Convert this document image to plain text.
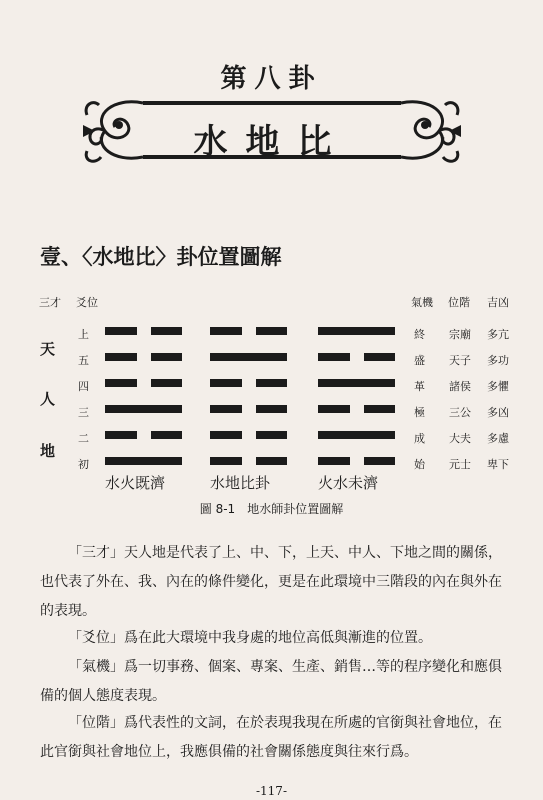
第八卦
水地比
壹、〈水地比〉卦位置圖解
三才 爻位	氣機 位階 吉凶
天
人
地
上
五
四
三
二
初
水火既濟	水地比卦	火水未濟
終 宗廟 多亢
盛 天子 多功
革 諸侯 多懼
極 三公 多凶
成 大夫 多慮
始 元士 卑下
圖 8-1　地水師卦位置圖解
「三才」天人地是代表了上、中、下，上天、中人、下地之間的關係，也代表了外在、我、內在的條件變化，更是在此環境中三階段的內在與外在的表現。
「爻位」爲在此大環境中我身處的地位高低與漸進的位置。
「氣機」爲一切事務、個案、專案、生產、銷售…等的程序變化和應俱備的個人態度表現。
「位階」爲代表性的文詞，在於表現我現在所處的官銜與社會地位，在此官銜與社會地位上，我應俱備的社會關係態度與往來行爲。
-117-
